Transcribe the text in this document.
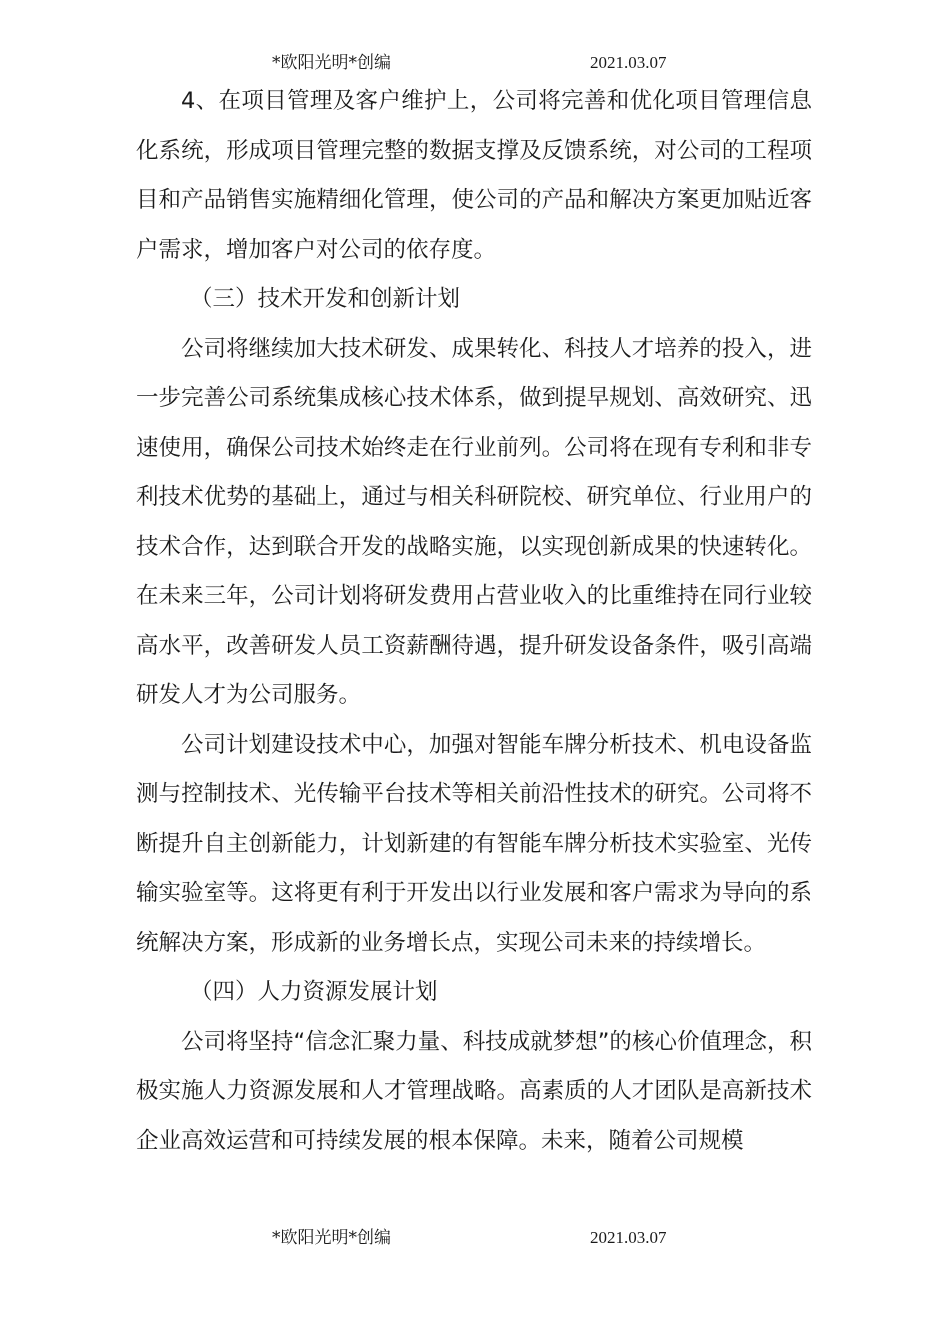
*欧阳光明*创编	2021.03.07

4、在项目管理及客户维护上，公司将完善和优化项目管理信息化系统，形成项目管理完整的数据支撑及反馈系统，对公司的工程项目和产品销售实施精细化管理，使公司的产品和解决方案更加贴近客户需求，增加客户对公司的依存度。

（三）技术开发和创新计划

公司将继续加大技术研发、成果转化、科技人才培养的投入，进一步完善公司系统集成核心技术体系，做到提早规划、高效研究、迅速使用，确保公司技术始终走在行业前列。公司将在现有专利和非专利技术优势的基础上，通过与相关科研院校、研究单位、行业用户的技术合作，达到联合开发的战略实施，以实现创新成果的快速转化。在未来三年，公司计划将研发费用占营业收入的比重维持在同行业较高水平，改善研发人员工资薪酬待遇，提升研发设备条件，吸引高端研发人才为公司服务。

公司计划建设技术中心，加强对智能车牌分析技术、机电设备监测与控制技术、光传输平台技术等相关前沿性技术的研究。公司将不断提升自主创新能力，计划新建的有智能车牌分析技术实验室、光传输实验室等。这将更有利于开发出以行业发展和客户需求为导向的系统解决方案，形成新的业务增长点，实现公司未来的持续增长。

（四）人力资源发展计划

公司将坚持“信念汇聚力量、科技成就梦想”的核心价值理念，积极实施人力资源发展和人才管理战略。高素质的人才团队是高新技术企业高效运营和可持续发展的根本保障。未来，随着公司规模

*欧阳光明*创编	2021.03.07
